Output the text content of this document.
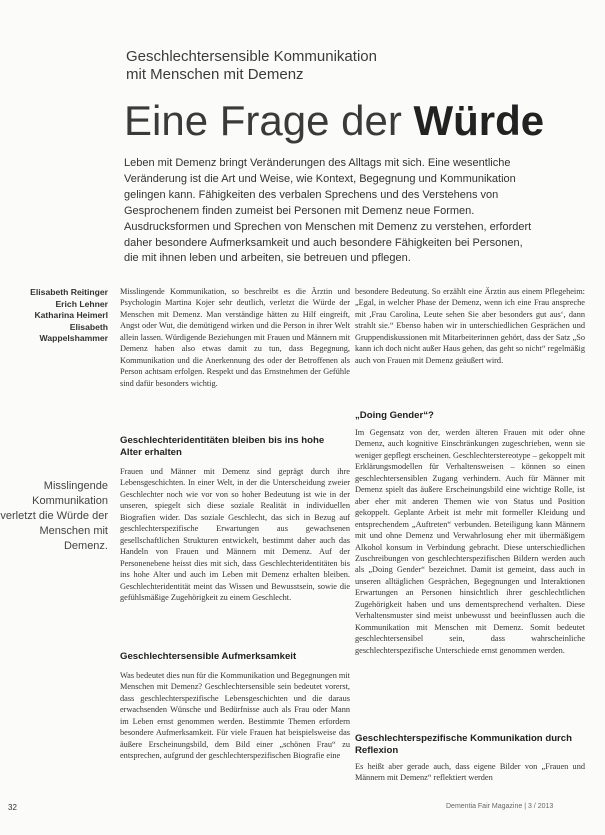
Geschlechtersensible Kommunikation
mit Menschen mit Demenz
Eine Frage der Würde
Leben mit Demenz bringt Veränderungen des Alltags mit sich. Eine wesentliche Veränderung ist die Art und Weise, wie Kontext, Begegnung und Kommunikation gelingen kann. Fähigkeiten des verbalen Sprechens und des Verstehens von Gesprochenem finden zumeist bei Personen mit Demenz neue Formen. Ausdrucksformen und Sprechen von Menschen mit Demenz zu verstehen, erfordert daher besondere Aufmerksamkeit und auch besondere Fähigkeiten bei Personen, die mit ihnen leben und arbeiten, sie betreuen und pflegen.
Elisabeth Reitinger
Erich Lehner
Katharina Heimerl
Elisabeth Wappelshammer
Misslingende Kommunikation verletzt die Würde der Menschen mit Demenz.
Misslingende Kommunikation, so beschreibt es die Ärztin und Psychologin Martina Kojer sehr deutlich, verletzt die Würde der Menschen mit Demenz. Man verständige hätten zu Hilf eingreift, Angst oder Wut, die demütigend wirken und die Person in ihrer Welt allein lassen. Würdigende Beziehungen mit Frauen und Männern mit Demenz haben also etwas damit zu tun, dass Begegnung, Kommunikation und die Anerkennung des oder der Betroffenen als Person achtsam erfolgen. Respekt und das Ernstnehmen der Gefühle sind dafür besonders wichtig.
Geschlechteridentitäten bleiben bis ins hohe Alter erhalten
Frauen und Männer mit Demenz sind geprägt durch ihre Lebensgeschichten. In einer Welt, in der die Unterscheidung zweier Geschlechter noch wie vor von so hoher Bedeutung ist wie in der unseren, spiegelt sich diese soziale Realität in individuellen Biografien wider. Das soziale Geschlecht, das sich in Bezug auf geschlechterspezifische Erwartungen aus gewachsenen gesellschaftlichen Strukturen entwickelt, bestimmt daher auch das Handeln von Frauen und Männern mit Demenz. Auf der Personenebene heisst dies mit sich, dass Geschlechteridentitäten bis ins hohe Alter und auch im Leben mit Demenz erhalten bleiben. Geschlechteridentität meint das Wissen und Bewusstsein, sowie die gefühlsmäßige Zugehörigkeit zu einem Geschlecht.
Geschlechtersensible Aufmerksamkeit
Was bedeutet dies nun für die Kommunikation und Begegnungen mit Menschen mit Demenz? Geschlechtersensible sein bedeutet vorerst, dass geschlechterspezifische Lebensgeschichten und die daraus erwachsenden Wünsche und Bedürfnisse auch als Frau oder Mann im Leben ernst genommen werden. Bestimmte Themen erfordern besondere Aufmerksamkeit. Für viele Frauen hat beispielsweise das äußere Erscheinungsbild, dem Bild einer „schönen Frau“ zu entsprechen, aufgrund der geschlechterspezifischen Biografie eine
besondere Bedeutung. So erzählt eine Ärztin aus einem Pflegeheim: „Egal, in welcher Phase der Demenz, wenn ich eine Frau anspreche mit ,Frau Carolina, Leute sehen Sie aber besonders gut aus‘, dann strahlt sie.“ Ebenso haben wir in unterschiedlichen Gesprächen und Gruppendiskussionen mit Mitarbeiterinnen gehört, dass der Satz „So kann ich doch nicht außer Haus gehen, das geht so nicht“ regelmäßig auch von Frauen mit Demenz geäußert wird.
„Doing Gender“?
Im Gegensatz von der, werden älteren Frauen mit oder ohne Demenz, auch kognitive Einschränkungen zugeschrieben, wenn sie weniger gepflegt erscheinen. Geschlechterstereotype – gekoppelt mit Erklärungsmodellen für Verhaltensweisen – können so einen geschlechtersensiblen Zugang verhindern. Auch für Männer mit Demenz spielt das äußere Erscheinungsbild eine wichtige Rolle, ist aber eher mit anderen Themen wie von Status und Position gekoppelt. Geplante Arbeit ist mehr mit formeller Kleidung und entsprechendem „Auftreten“ verbunden. Beteiligung kann Männern mit und ohne Demenz und Verwahrlosung eher mit übermäßigem Alkohol konsum in Verbindung gebracht. Diese unterschiedlichen Zuschreibungen von geschlechterspezifischen Bildern werden auch als „Doing Gender“ bezeichnet. Damit ist gemeint, dass auch in unseren alltäglichen Gesprächen, Begegnungen und Interaktionen Erwartungen an Personen hinsichtlich ihrer geschlechtlichen Zugehörigkeit haben und uns dementsprechend verhalten. Diese Verhaltensmuster sind meist unbewusst und beeinflussen auch die Kommunikation mit Menschen mit Demenz. Somit bedeutet geschlechtersensibel sein, dass wahrscheinliche geschlechterspezifische Unterschiede ernst genommen werden.
Geschlechterspezifische Kommunikation durch Reflexion
Es heißt aber gerade auch, dass eigene Bilder von „Frauen und Männern mit Demenz“ reflektiert werden
32	Dementia Fair Magazine | 3 / 2013
